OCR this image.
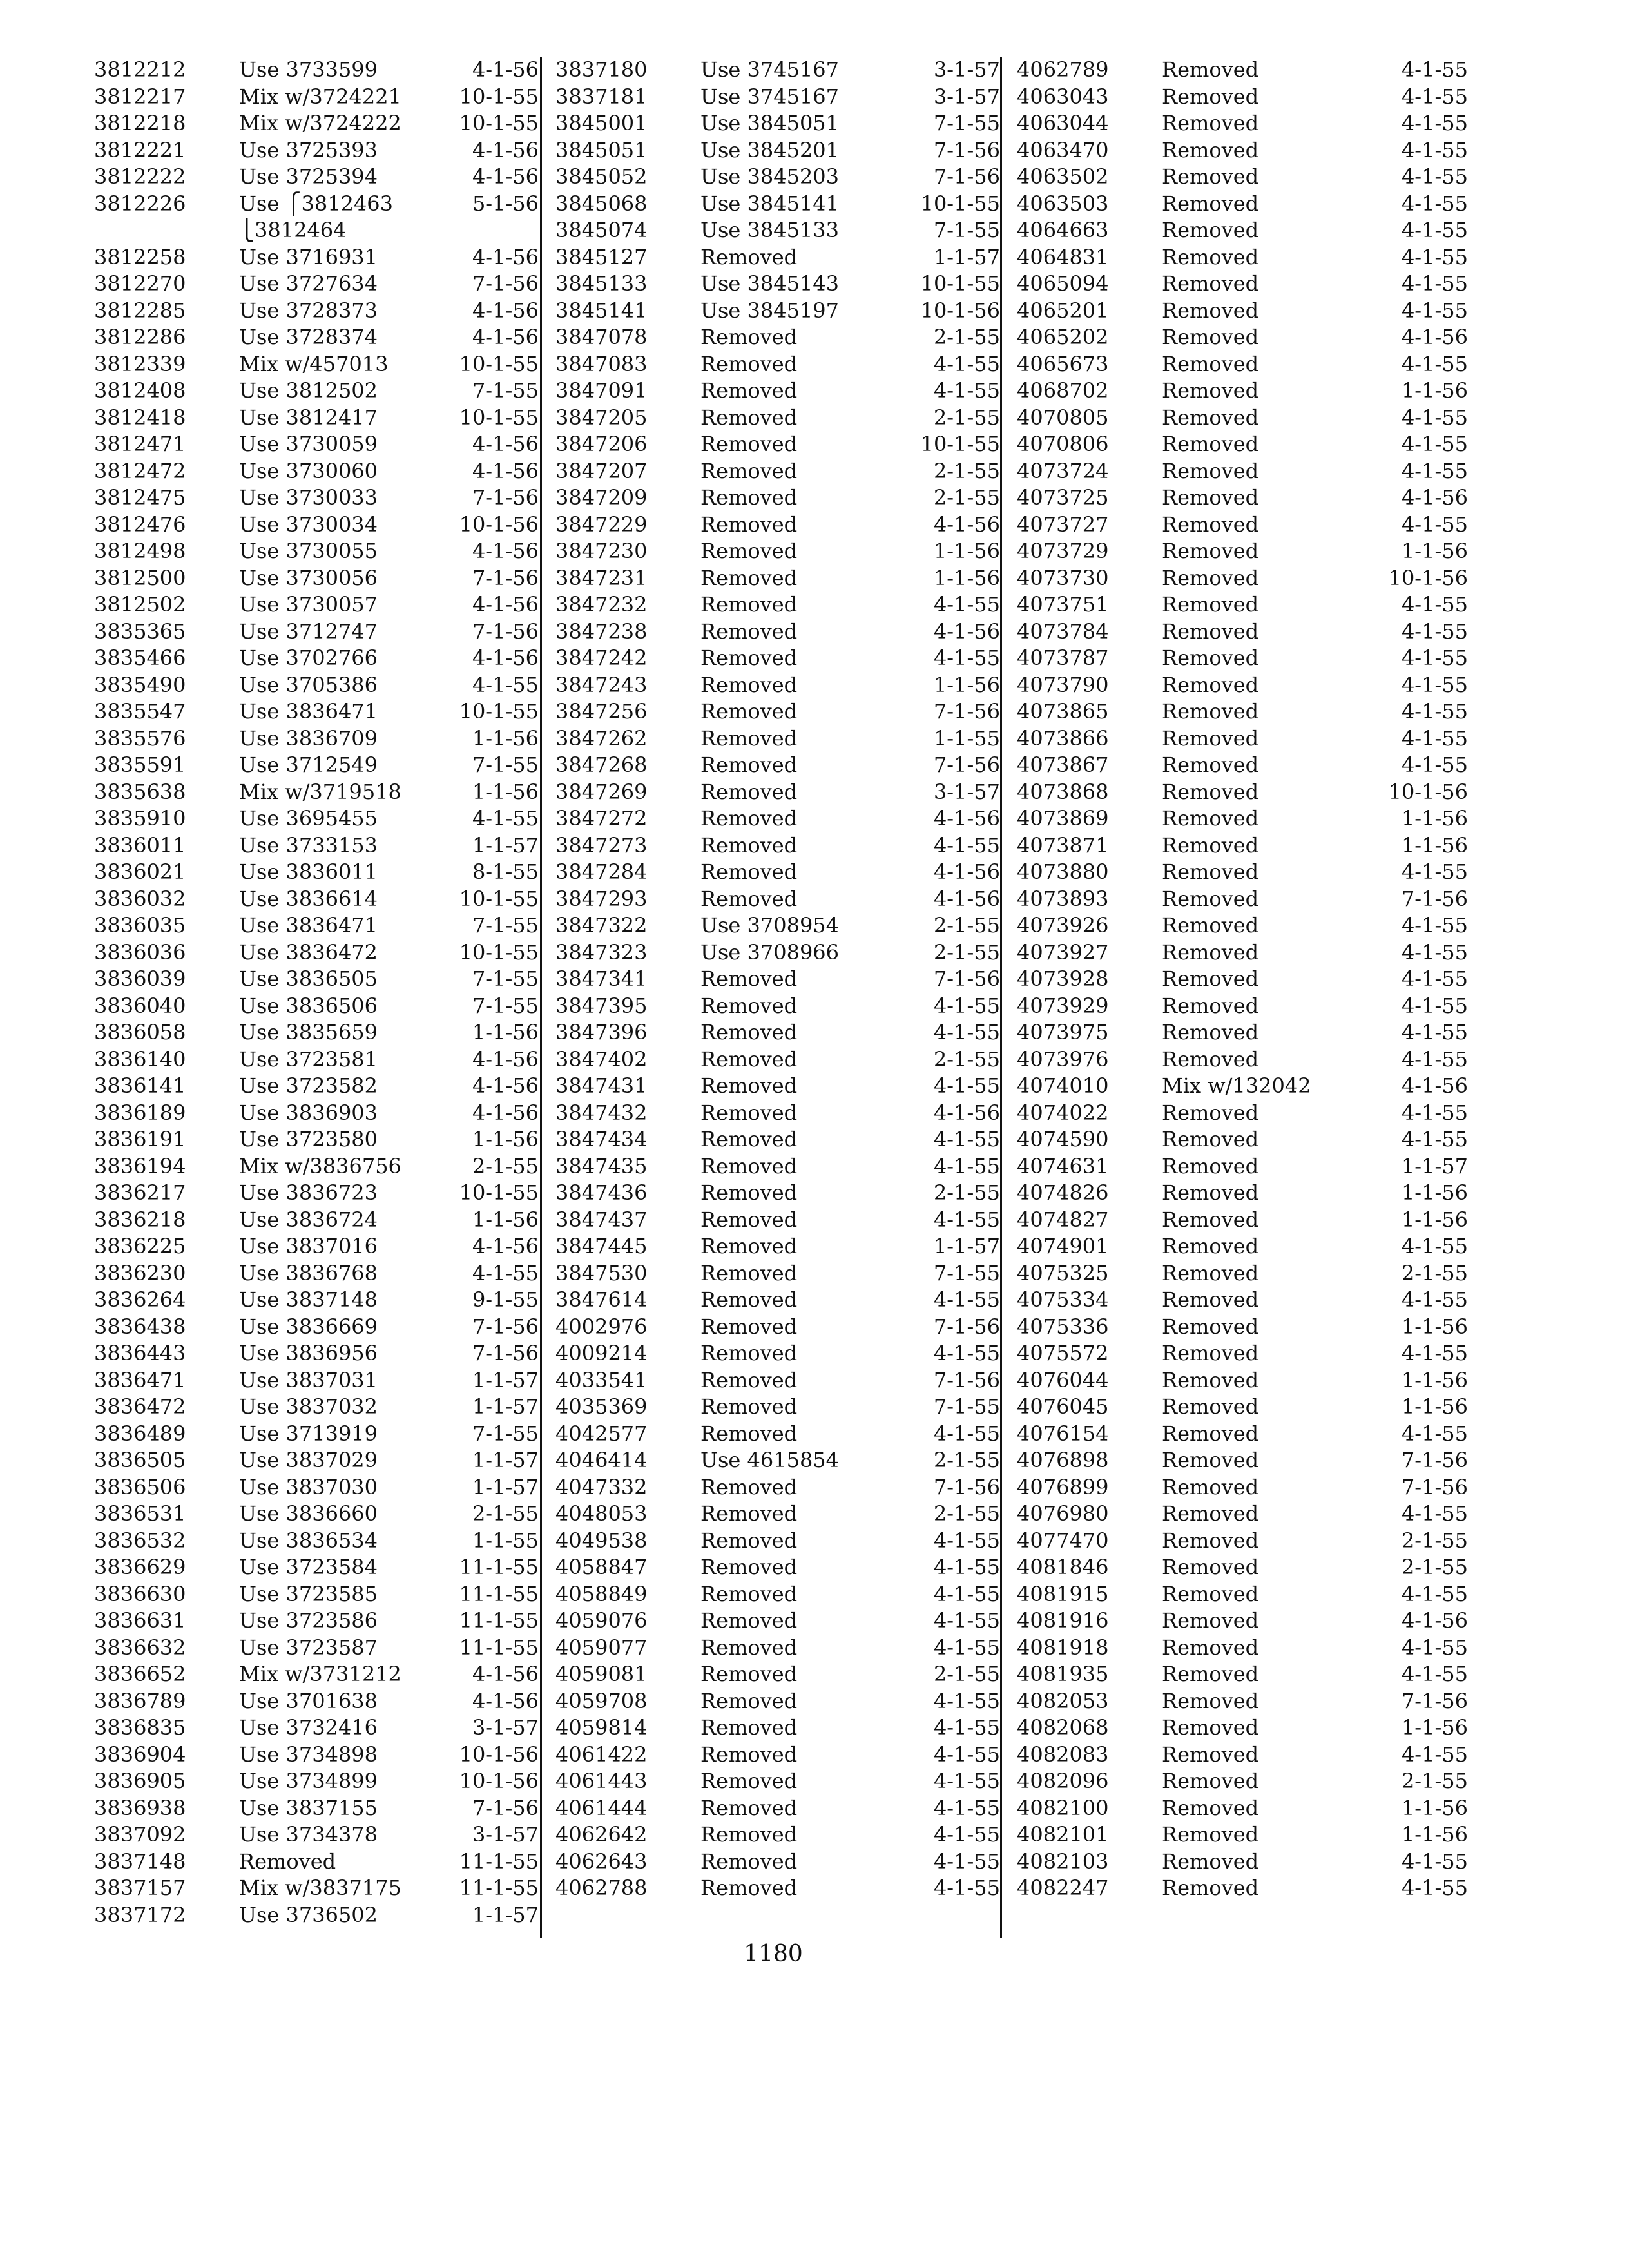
3812212	Use 3733599	4-1-56
3812217	Mix w/3724221	10-1-55
3812218	Mix w/3724222	10-1-55
3812221	Use 3725393	4-1-56
3812222	Use 3725394	4-1-56
3812226	Use ⎧3812463	5-1-56
⎩3812464
3812258	Use 3716931	4-1-56
3812270	Use 3727634	7-1-56
3812285	Use 3728373	4-1-56
3812286	Use 3728374	4-1-56
3812339	Mix w/457013	10-1-55
3812408	Use 3812502	7-1-55
3812418	Use 3812417	10-1-55
3812471	Use 3730059	4-1-56
3812472	Use 3730060	4-1-56
3812475	Use 3730033	7-1-56
3812476	Use 3730034	10-1-56
3812498	Use 3730055	4-1-56
3812500	Use 3730056	7-1-56
3812502	Use 3730057	4-1-56
3835365	Use 3712747	7-1-56
3835466	Use 3702766	4-1-56
3835490	Use 3705386	4-1-55
3835547	Use 3836471	10-1-55
3835576	Use 3836709	1-1-56
3835591	Use 3712549	7-1-55
3835638	Mix w/3719518	1-1-56
3835910	Use 3695455	4-1-55
3836011	Use 3733153	1-1-57
3836021	Use 3836011	8-1-55
3836032	Use 3836614	10-1-55
3836035	Use 3836471	7-1-55
3836036	Use 3836472	10-1-55
3836039	Use 3836505	7-1-55
3836040	Use 3836506	7-1-55
3836058	Use 3835659	1-1-56
3836140	Use 3723581	4-1-56
3836141	Use 3723582	4-1-56
3836189	Use 3836903	4-1-56
3836191	Use 3723580	1-1-56
3836194	Mix w/3836756	2-1-55
3836217	Use 3836723	10-1-55
3836218	Use 3836724	1-1-56
3836225	Use 3837016	4-1-56
3836230	Use 3836768	4-1-55
3836264	Use 3837148	9-1-55
3836438	Use 3836669	7-1-56
3836443	Use 3836956	7-1-56
3836471	Use 3837031	1-1-57
3836472	Use 3837032	1-1-57
3836489	Use 3713919	7-1-55
3836505	Use 3837029	1-1-57
3836506	Use 3837030	1-1-57
3836531	Use 3836660	2-1-55
3836532	Use 3836534	1-1-55
3836629	Use 3723584	11-1-55
3836630	Use 3723585	11-1-55
3836631	Use 3723586	11-1-55
3836632	Use 3723587	11-1-55
3836652	Mix w/3731212	4-1-56
3836789	Use 3701638	4-1-56
3836835	Use 3732416	3-1-57
3836904	Use 3734898	10-1-56
3836905	Use 3734899	10-1-56
3836938	Use 3837155	7-1-56
3837092	Use 3734378	3-1-57
3837148	Removed	11-1-55
3837157	Mix w/3837175	11-1-55
3837172	Use 3736502	1-1-57
3837180	Use 3745167	3-1-57
3837181	Use 3745167	3-1-57
3845001	Use 3845051	7-1-55
3845051	Use 3845201	7-1-56
3845052	Use 3845203	7-1-56
3845068	Use 3845141	10-1-55
3845074	Use 3845133	7-1-55
3845127	Removed	1-1-57
3845133	Use 3845143	10-1-55
3845141	Use 3845197	10-1-56
3847078	Removed	2-1-55
3847083	Removed	4-1-55
3847091	Removed	4-1-55
3847205	Removed	2-1-55
3847206	Removed	10-1-55
3847207	Removed	2-1-55
3847209	Removed	2-1-55
3847229	Removed	4-1-56
3847230	Removed	1-1-56
3847231	Removed	1-1-56
3847232	Removed	4-1-55
3847238	Removed	4-1-56
3847242	Removed	4-1-55
3847243	Removed	1-1-56
3847256	Removed	7-1-56
3847262	Removed	1-1-55
3847268	Removed	7-1-56
3847269	Removed	3-1-57
3847272	Removed	4-1-56
3847273	Removed	4-1-55
3847284	Removed	4-1-56
3847293	Removed	4-1-56
3847322	Use 3708954	2-1-55
3847323	Use 3708966	2-1-55
3847341	Removed	7-1-56
3847395	Removed	4-1-55
3847396	Removed	4-1-55
3847402	Removed	2-1-55
3847431	Removed	4-1-55
3847432	Removed	4-1-56
3847434	Removed	4-1-55
3847435	Removed	4-1-55
3847436	Removed	2-1-55
3847437	Removed	4-1-55
3847445	Removed	1-1-57
3847530	Removed	7-1-55
3847614	Removed	4-1-55
4002976	Removed	7-1-56
4009214	Removed	4-1-55
4033541	Removed	7-1-56
4035369	Removed	7-1-55
4042577	Removed	4-1-55
4046414	Use 4615854	2-1-55
4047332	Removed	7-1-56
4048053	Removed	2-1-55
4049538	Removed	4-1-55
4058847	Removed	4-1-55
4058849	Removed	4-1-55
4059076	Removed	4-1-55
4059077	Removed	4-1-55
4059081	Removed	2-1-55
4059708	Removed	4-1-55
4059814	Removed	4-1-55
4061422	Removed	4-1-55
4061443	Removed	4-1-55
4061444	Removed	4-1-55
4062642	Removed	4-1-55
4062643	Removed	4-1-55
4062788	Removed	4-1-55
4062789	Removed	4-1-55
4063043	Removed	4-1-55
4063044	Removed	4-1-55
4063470	Removed	4-1-55
4063502	Removed	4-1-55
4063503	Removed	4-1-55
4064663	Removed	4-1-55
4064831	Removed	4-1-55
4065094	Removed	4-1-55
4065201	Removed	4-1-55
4065202	Removed	4-1-56
4065673	Removed	4-1-55
4068702	Removed	1-1-56
4070805	Removed	4-1-55
4070806	Removed	4-1-55
4073724	Removed	4-1-55
4073725	Removed	4-1-56
4073727	Removed	4-1-55
4073729	Removed	1-1-56
4073730	Removed	10-1-56
4073751	Removed	4-1-55
4073784	Removed	4-1-55
4073787	Removed	4-1-55
4073790	Removed	4-1-55
4073865	Removed	4-1-55
4073866	Removed	4-1-55
4073867	Removed	4-1-55
4073868	Removed	10-1-56
4073869	Removed	1-1-56
4073871	Removed	1-1-56
4073880	Removed	4-1-55
4073893	Removed	7-1-56
4073926	Removed	4-1-55
4073927	Removed	4-1-55
4073928	Removed	4-1-55
4073929	Removed	4-1-55
4073975	Removed	4-1-55
4073976	Removed	4-1-55
4074010	Mix w/132042	4-1-56
4074022	Removed	4-1-55
4074590	Removed	4-1-55
4074631	Removed	1-1-57
4074826	Removed	1-1-56
4074827	Removed	1-1-56
4074901	Removed	4-1-55
4075325	Removed	2-1-55
4075334	Removed	4-1-55
4075336	Removed	1-1-56
4075572	Removed	4-1-55
4076044	Removed	1-1-56
4076045	Removed	1-1-56
4076154	Removed	4-1-55
4076898	Removed	7-1-56
4076899	Removed	7-1-56
4076980	Removed	4-1-55
4077470	Removed	2-1-55
4081846	Removed	2-1-55
4081915	Removed	4-1-55
4081916	Removed	4-1-56
4081918	Removed	4-1-55
4081935	Removed	4-1-55
4082053	Removed	7-1-56
4082068	Removed	1-1-56
4082083	Removed	4-1-55
4082096	Removed	2-1-55
4082100	Removed	1-1-56
4082101	Removed	1-1-56
4082103	Removed	4-1-55
4082247	Removed	4-1-55
1180
